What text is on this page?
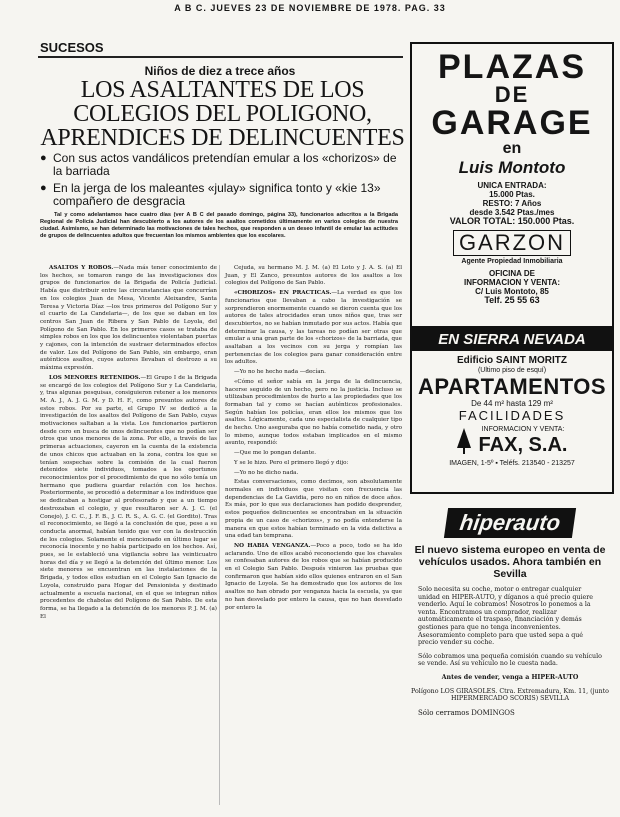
A B C. JUEVES 23 DE NOVIEMBRE DE 1978. PAG. 33
SUCESOS
Niños de diez a trece años
LOS ASALTANTES DE LOS COLEGIOS DEL POLIGONO, APRENDICES DE DELINCUENTES
● Con sus actos vandálicos pretendían emular a los «chorizos» de la barriada
● En la jerga de los maleantes «julay» significa tonto y «kie 13» compañero de desgracia
Tal y como adelantamos hace cuatro días (ver A B C del pasado domingo, página 33), funcionarios adscritos a la Brigada Regional de Policía Judicial han descubierto a los autores de los asaltos cometidos últimamente en varios colegios de nuestra ciudad. Asimismo, se han determinado las motivaciones de tales hechos, que responden a un deseo infantil de emular las actitudes de grupos de delincuentes adultos que frecuentan los mismos ambientes que los escolares.

ASALTOS Y ROBOS.—Nada más tener conocimiento de los hechos, se tomaron rango de las investigaciones dos grupos de funcionarios de la Brigada de Policía Judicial. Había que distribuir entre las circunstancias que concurrían en los colegios Juan de Mesa, Vicente Aleixandre, Santa Teresa y Victoria Díaz —los tres primeros del Polígono Sur y el cuarto de La Candelaria—, de los que se daban en los centros San Juan de Ribera y San Pablo de Loyola, del Polígono de San Pablo. En los primeros casos se trataba de simples robos en los que los delincuentes violentaban puertas y cajones, con la intención de sustraer determinados efectos de valor. Los del Polígono de San Pablo, sin embargo, eran auténticos asaltos, cuyos autores llevaban el destrozo a su máxima expresión.

LOS MENORES RETENIDOS.—El Grupo I de la Brigada se encargó de los colegios del Polígono Sur y La Candelaria, y, tras algunas pesquisas, consiguieron retener a los menores M. A. J., A. J. G. M. y D. H. F., como presuntos autores de estos robos. Por su parte, el Grupo IV se dedicó a la investigación de los asaltos del Polígono de San Pablo, cuyas motivaciones saltaban a la vista. Los funcionarios partieron desde cero en busca de unos delincuentes que no podían ser otros que unos menores de la zona. Por ello, a través de las primeras actuaciones, cayeron en la cuenta de la existencia de unos chicos que actuaban en la zona, contra los que se tenían sospechas sobre la comisión de la cual fueron detenidos siete individuos, tomados a los oportunos reconocimientos por el procedimiento de que no sólo tenía un hermano que pudiera guardar relación con los hechos. Posteriormente, se procedió a determinar a los individuos que se dedicaban a hostigar al profesorado y que a un tiempo destrozaban el colegio, y que resultaron ser A. J. C. (el Conejo), J. C. C., J. F. B., J. C. R. S., A. G. C. (el Gordito). Tras el reconocimiento, se llegó a la conclusión de que, pese a su conducta anormal, habían tenido que ver con la destrucción de los colegios. Solamente el mencionado en último lugar se reconocía inocente y no había participado en los hechos. Así, pues, se le estableció una vigilancia sobre las veinticuatro horas del día y se llegó a la detención del último menor. Los siete menores se encuentran en las instalaciones de la Brigada, y todos ellos estudian en el Colegio San Ignacio de Loyola, construido para Hogar del Pensionista y destinado actualmente a escuela nacional, en el que se integran niños procedentes de chabolas del Polígono de San Pablo. De esta forma, se ha llegado a la detención de los menores P. J. M. (a) El

Cejuda, su hermano M. J. M. (a) El Loto y J. A. S. (a) El Juan, y El Zanco, presuntos autores de los asaltos a los colegios del Polígono de San Pablo.

«CHORIZOS» EN PRACTICAS.—La verdad es que los funcionarios que llevaban a cabo la investigación se sorprendieron enormemente cuando se dieron cuenta que los autores de tales atrocidades eran unos niños que, tras ser descubiertos, no se habían inmutado por sus actos. Había que determinar la causa, y las tareas no podían ser otras que emular a una gran parte de los «chorizos» de la barriada, que asaltaban a los vecinos con su jerga y rompían las pertenencias de los colegios para ganar consideración entre los adultos.

—Yo no he hecho nada —decían.

«Cómo el señor sabía en la jerga de la delincuencia, hacerse seguido de un hecho, pero no la justicia. Incluso se utilizaban procedimientos de hurto a las propiedades que los formaban tal y como se hacían auténticos profesionales. Según habían los policías, eran ellos los mismos que los asaltos. Lógicamente, cada uno especialista de cualquier tipo de hecho. Uno aseguraba que no había cometido nada, y otro lo mismo, aunque todos estaban implicados en el mismo asunto, respondió:

—Que me lo pongan delante.

Y se le hizo. Pero el primero llegó y dijo:

—Yo no he dicho nada.

Estas conversaciones, como decimos, son absolutamente normales en individuos que visitan con frecuencia las dependencias de La Gavidia, pero no en niños de doce años. Es más, por lo que sus declaraciones han podido desprender, estos pequeños delincuentes se encontraban en la situación propia de un caso de «chorizos», y no podía entenderse la manera en que estos habían terminado en la vida delictiva a una edad tan temprana.

NO HABIA VENGANZA.—Poco a poco, todo se ha ido aclarando. Uno de ellos acabó reconociendo que los chavales se confesaban autores de los robos que se habían producido en el Colegio San Pablo. Después vinieron las pruebas que confirmaron que habían sido ellos quienes entraron en el San Ignacio de Loyola. Se ha demostrado que los autores de los asaltos no han obrado por venganza hacia la escuela, ya que no han desvelado por entero la causa, que no han desvelado por entero la

PLAZAS
DE
GARAGE
en
Luis Montoto
UNICA ENTRADA:
15.000 Ptas.
RESTO: 7 Años
desde 3.542 Ptas./mes
VALOR TOTAL: 150.000 Ptas.
GARZON
Agente Propiedad Inmobiliaria
OFICINA DE
INFORMACION Y VENTA:
C/ Luis Montoto, 85
Telf. 25 55 63
EN SIERRA NEVADA
Edificio SAINT MORITZ
(Ultimo piso de esquí)
APARTAMENTOS
De 44 m² hasta 129 m²
FACILIDADES
INFORMACION Y VENTA:
FAX, S.A.
IMAGEN, 1-5º ▪ Teléfs. 213540 - 213257
hiperauto
El nuevo sistema europeo en venta de vehículos usados. Ahora también en Sevilla
Solo necesita su coche, motor o entregar cualquier unidad en HIPER-AUTO, y díganos a qué precio quiere venderlo. Aquí le cobramos! Nosotros lo ponemos a la venta. Encontramos un comprador, realizar automáticamente el traspaso, financiación y demás gestiones para que no tenga inconvenientes. Asesoramiento completo para que usted sepa a qué precio vender su coche.
Sólo cobramos una pequeña comisión cuando su vehículo se vende. Así su vehículo no le cuesta nada.
Antes de vender, venga a HIPER-AUTO
Polígono LOS GIRASOLES. Ctra. Extremadura, Km. 11, (junto HIPERMERCADO SCORIS) SEVILLA
Sólo cerramos DOMINGOS
